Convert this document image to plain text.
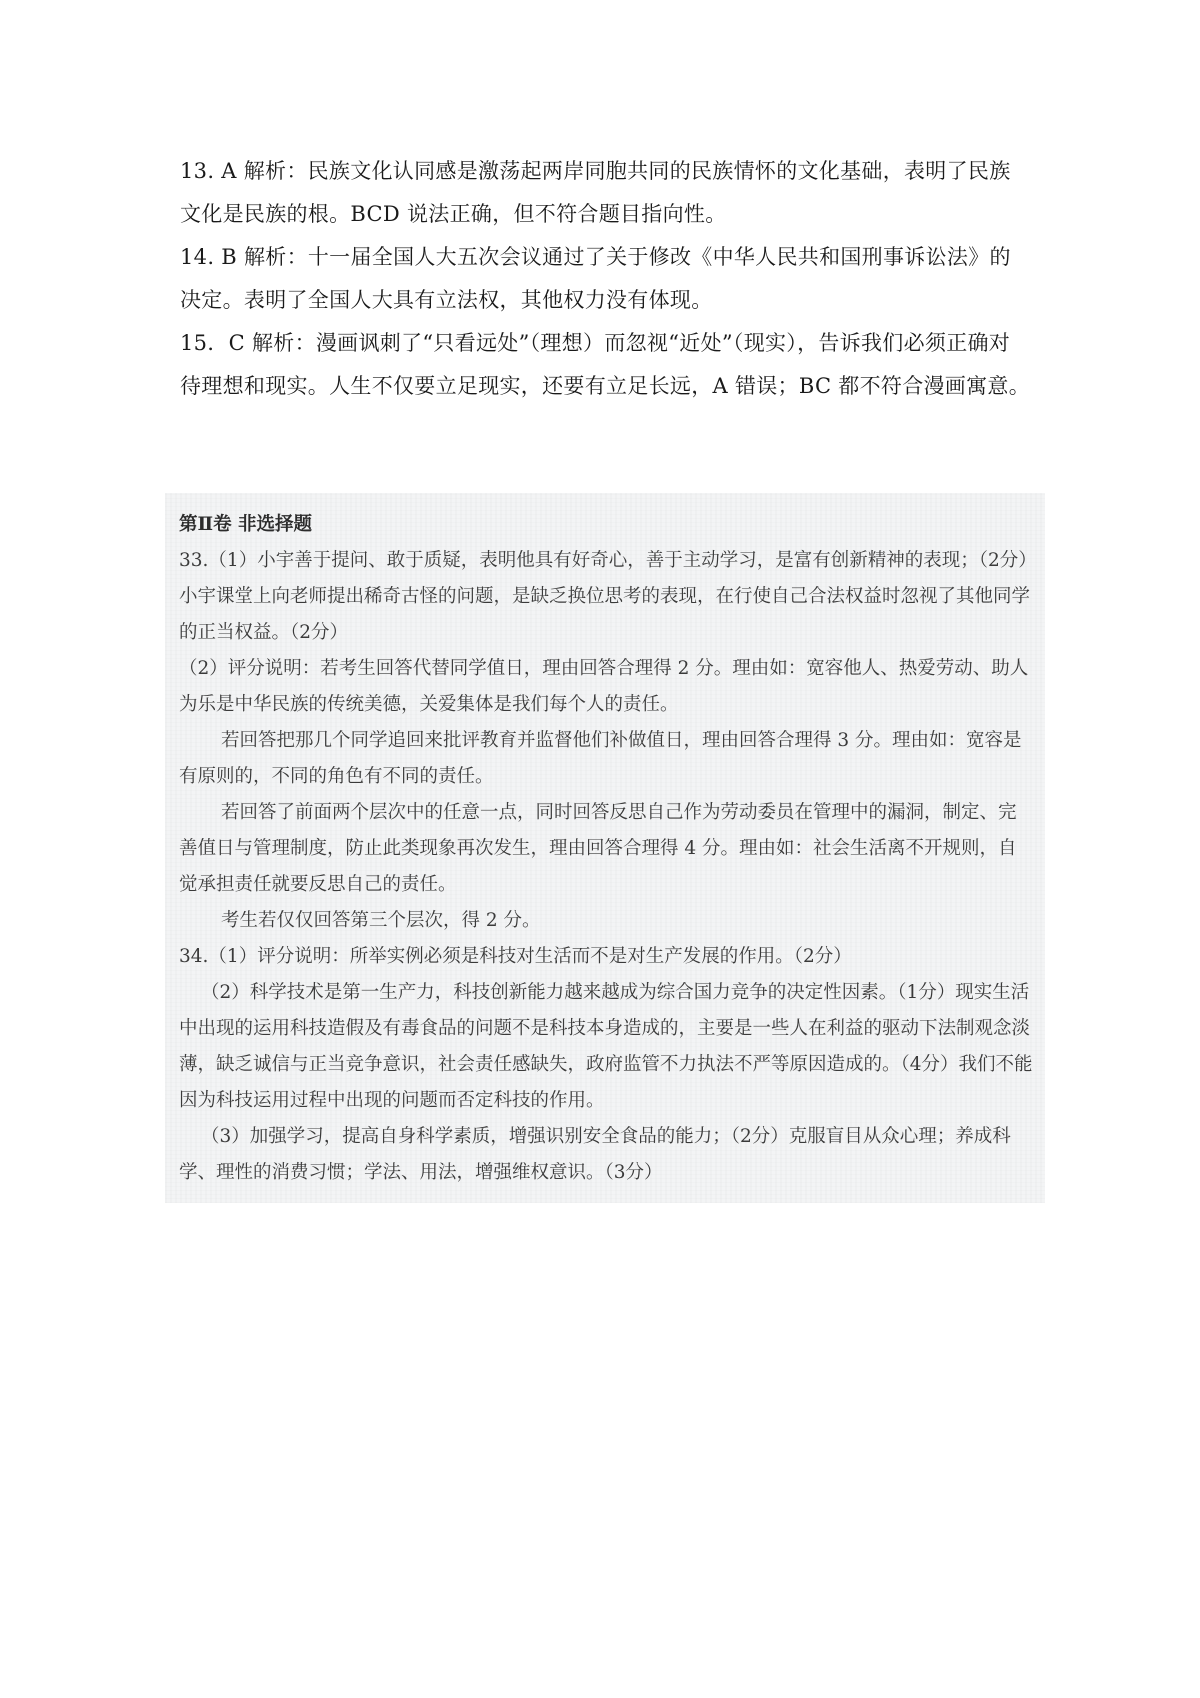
13. A 解析：民族文化认同感是激荡起两岸同胞共同的民族情怀的文化基础，表明了民族文化是民族的根。BCD 说法正确，但不符合题目指向性。

14. B 解析：十一届全国人大五次会议通过了关于修改《中华人民共和国刑事诉讼法》的决定。表明了全国人大具有立法权，其他权力没有体现。

15．C 解析：漫画讽刺了“只看远处”（理想）而忽视“近处”（现实），告诉我们必须正确对待理想和现实。人生不仅要立足现实，还要有立足长远，A 错误；BC 都不符合漫画寓意。

第Ⅱ卷 非选择题

33.（1）小宇善于提问、敢于质疑，表明他具有好奇心，善于主动学习，是富有创新精神的表现；（2分）小宇课堂上向老师提出稀奇古怪的问题，是缺乏换位思考的表现，在行使自己合法权益时忽视了其他同学的正当权益。（2分）

（2）评分说明：若考生回答代替同学值日，理由回答合理得 2 分。理由如：宽容他人、热爱劳动、助人为乐是中华民族的传统美德，关爱集体是我们每个人的责任。

若回答把那几个同学追回来批评教育并监督他们补做值日，理由回答合理得 3 分。理由如：宽容是有原则的，不同的角色有不同的责任。

若回答了前面两个层次中的任意一点，同时回答反思自己作为劳动委员在管理中的漏洞，制定、完善值日与管理制度，防止此类现象再次发生，理由回答合理得 4 分。理由如：社会生活离不开规则，自觉承担责任就要反思自己的责任。

考生若仅仅回答第三个层次，得 2 分。

34.（1）评分说明：所举实例必须是科技对生活而不是对生产发展的作用。（2分）

（2）科学技术是第一生产力，科技创新能力越来越成为综合国力竞争的决定性因素。（1分）现实生活中出现的运用科技造假及有毒食品的问题不是科技本身造成的，主要是一些人在利益的驱动下法制观念淡薄，缺乏诚信与正当竞争意识，社会责任感缺失，政府监管不力执法不严等原因造成的。（4分）我们不能因为科技运用过程中出现的问题而否定科技的作用。

（3）加强学习，提高自身科学素质，增强识别安全食品的能力；（2分）克服盲目从众心理；养成科学、理性的消费习惯；学法、用法，增强维权意识。（3分）
